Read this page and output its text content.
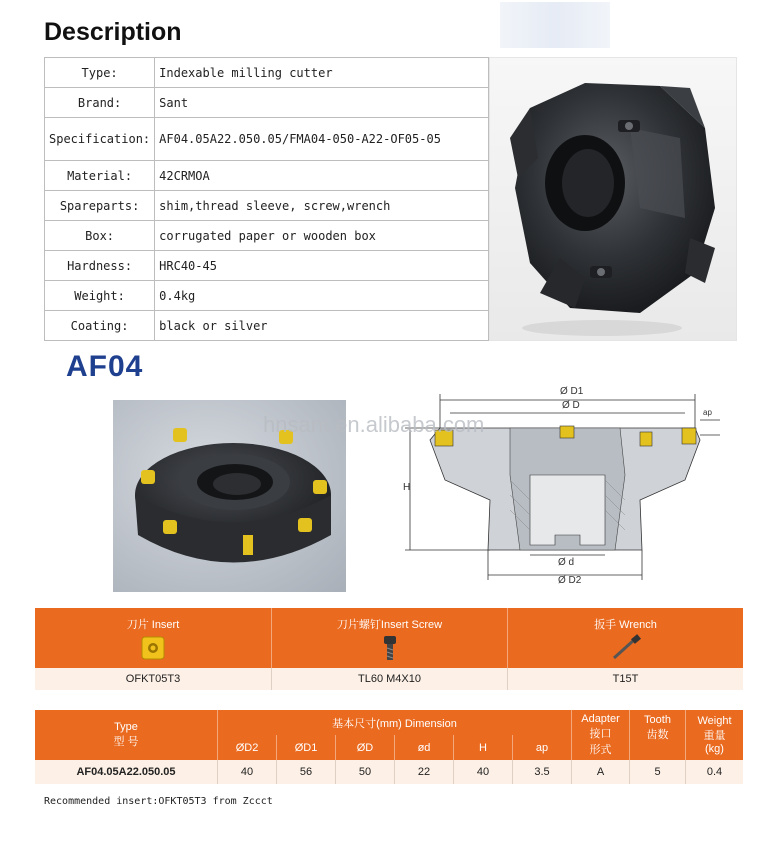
Description
Type:	Indexable milling cutter
Brand:	Sant
Specification:	AF04.05A22.050.05/FMA04-050-A22-OF05-05
Material:	42CRMOA
Spareparts:	shim,thread sleeve, screw,wrench
Box:	corrugated paper or wooden box
Hardness:	HRC40-45
Weight:	0.4kg
Coating:	black or silver
AF04
Ø D1
Ø D
ap
H
Ø d
Ø D2
hnsant.en.alibaba.com
刀片 Insert	刀片螺钉Insert Screw	扳手 Wrench
OFKT05T3	TL60 M4X10	T15T
Type
型 号
基本尺寸(mm) Dimension
ØD2	ØD1	ØD	ød	H	ap
Adapter
接口
形式
Tooth
齿数
Weight
重量
(kg)
AF04.05A22.050.05	40	56	50	22	40	3.5	A	5	0.4
Recommended insert:OFKT05T3 from Zccct
